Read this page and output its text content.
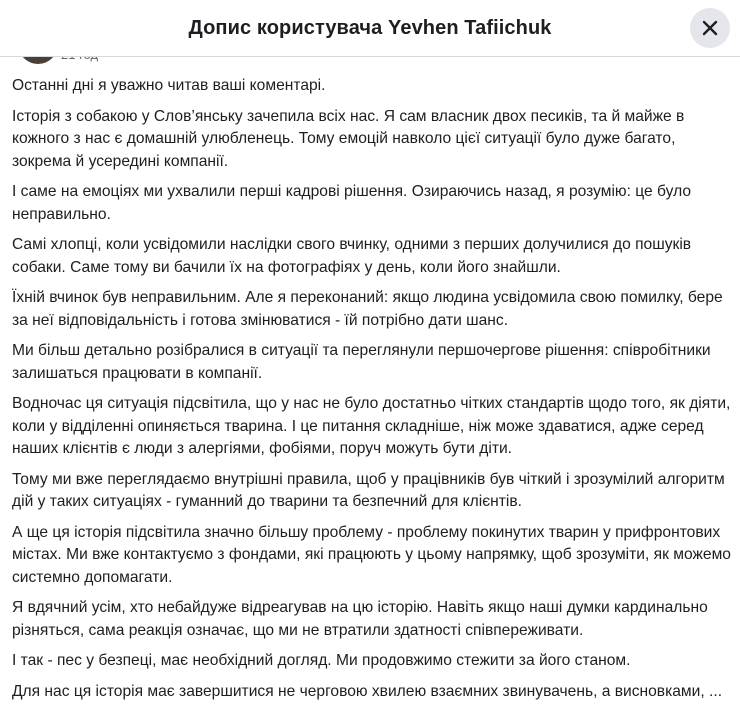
Допис користувача Yevhen Tafiichuk

Останні дні я уважно читав ваші коментарі.

Історія з собакою у Слов’янську зачепила всіх нас. Я сам власник двох песиків, та й майже в кожного з нас є домашній улюбленець. Тому емоцій навколо цієї ситуації було дуже багато, зокрема й усередині компанії.

І саме на емоціях ми ухвалили перші кадрові рішення. Озираючись назад, я розумію: це було неправильно.

Самі хлопці, коли усвідомили наслідки свого вчинку, одними з перших долучилися до пошуків собаки. Саме тому ви бачили їх на фотографіях у день, коли його знайшли.

Їхній вчинок був неправильним. Але я переконаний: якщо людина усвідомила свою помилку, бере за неї відповідальність і готова змінюватися - їй потрібно дати шанс.

Ми більш детально розібралися в ситуації та переглянули першочергове рішення: співробітники залишаться працювати в компанії.

Водночас ця ситуація підсвітила, що у нас не було достатньо чітких стандартів щодо того, як діяти, коли у відділенні опиняється тварина. І це питання складніше, ніж може здаватися, адже серед наших клієнтів є люди з алергіями, фобіями, поруч можуть бути діти.

Тому ми вже переглядаємо внутрішні правила, щоб у працівників був чіткий і зрозумілий алгоритм дій у таких ситуаціях - гуманний до тварини та безпечний для клієнтів.

А ще ця історія підсвітила значно більшу проблему - проблему покинутих тварин у прифронтових містах. Ми вже контактуємо з фондами, які працюють у цьому напрямку, щоб зрозуміти, як можемо системно допомагати.

Я вдячний усім, хто небайдуже відреагував на цю історію. Навіть якщо наші думки кардинально різняться, сама реакція означає, що ми не втратили здатності співпереживати.

І так - пес у безпеці, має необхідний догляд. Ми продовжимо стежити за його станом.

Для нас ця історія має завершитися не черговою хвилею взаємних звинувачень, а висновками, ...
